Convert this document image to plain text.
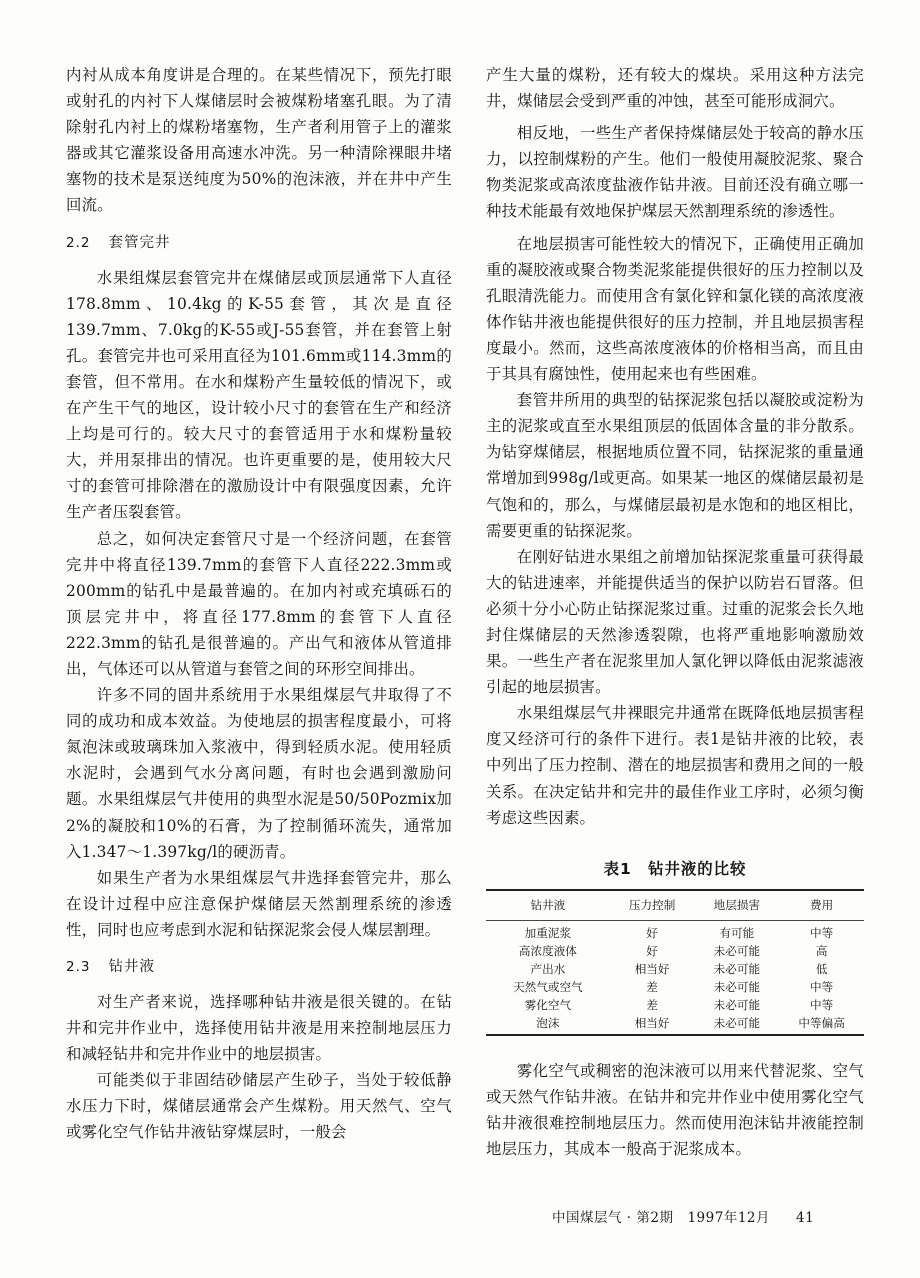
内衬从成本角度讲是合理的。在某些情况下，预先打眼或射孔的内衬下人煤储层时会被煤粉堵塞孔眼。为了清除射孔内衬上的煤粉堵塞物，生产者利用管子上的灌浆器或其它灌浆设备用高速水冲洗。另一种清除裸眼井堵塞物的技术是泵送纯度为50%的泡沫液，并在井中产生回流。

2.2 套管完井

水果组煤层套管完井在煤储层或顶层通常下人直径178.8mm、10.4kg的K-55套管，其次是直径139.7mm、7.0kg的K-55或J-55套管，并在套管上射孔。套管完井也可采用直径为101.6mm或114.3mm的套管，但不常用。在水和煤粉产生量较低的情况下，或在产生干气的地区，设计较小尺寸的套管在生产和经济上均是可行的。较大尺寸的套管适用于水和煤粉量较大，并用泵排出的情况。也许更重要的是，使用较大尺寸的套管可排除潜在的激励设计中有限强度因素，允许生产者压裂套管。

总之，如何决定套管尺寸是一个经济问题，在套管完井中将直径139.7mm的套管下人直径222.3mm或200mm的钻孔中是最普遍的。在加内衬或充填砾石的顶层完井中，将直径177.8mm的套管下人直径222.3mm的钻孔是很普遍的。产出气和液体从管道排出，气体还可以从管道与套管之间的环形空间排出。

许多不同的固井系统用于水果组煤层气井取得了不同的成功和成本效益。为使地层的损害程度最小，可将氮泡沫或玻璃珠加入浆液中，得到轻质水泥。使用轻质水泥时，会遇到气水分离问题，有时也会遇到激励问题。水果组煤层气井使用的典型水泥是50/50Pozmix加2%的凝胶和10%的石膏，为了控制循环流失，通常加入1.347～1.397kg/l的硬沥青。

如果生产者为水果组煤层气井选择套管完井，那么在设计过程中应注意保护煤储层天然割理系统的渗透性，同时也应考虑到水泥和钻探泥浆会侵人煤层割理。

2.3 钻井液

对生产者来说，选择哪种钻井液是很关键的。在钻井和完井作业中，选择使用钻井液是用来控制地层压力和减轻钻井和完井作业中的地层损害。

可能类似于非固结砂储层产生砂子，当处于较低静水压力下时，煤储层通常会产生煤粉。用天然气、空气或雾化空气作钻井液钻穿煤层时，一般会

产生大量的煤粉，还有较大的煤块。采用这种方法完井，煤储层会受到严重的冲蚀，甚至可能形成洞穴。

相反地，一些生产者保持煤储层处于较高的静水压力，以控制煤粉的产生。他们一般使用凝胶泥浆、聚合物类泥浆或高浓度盐液作钻井液。目前还没有确立哪一种技术能最有效地保护煤层天然割理系统的渗透性。

在地层损害可能性较大的情况下，正确使用正确加重的凝胶液或聚合物类泥浆能提供很好的压力控制以及孔眼清洗能力。而使用含有氯化锌和氯化镁的高浓度液体作钻井液也能提供很好的压力控制，并且地层损害程度最小。然而，这些高浓度液体的价格相当高，而且由于其具有腐蚀性，使用起来也有些困难。

套管井所用的典型的钻探泥浆包括以凝胶或淀粉为主的泥浆或直至水果组顶层的低固体含量的非分散系。为钻穿煤储层，根据地质位置不同，钻探泥浆的重量通常增加到998g/l或更高。如果某一地区的煤储层最初是气饱和的，那么，与煤储层最初是水饱和的地区相比，需要更重的钻探泥浆。

在刚好钻进水果组之前增加钻探泥浆重量可获得最大的钻进速率，并能提供适当的保护以防岩石冒落。但必须十分小心防止钻探泥浆过重。过重的泥浆会长久地封住煤储层的天然渗透裂隙，也将严重地影响激励效果。一些生产者在泥浆里加人氯化钾以降低由泥浆滤液引起的地层损害。

水果组煤层气井裸眼完井通常在既降低地层损害程度又经济可行的条件下进行。表1是钻井液的比较，表中列出了压力控制、潜在的地层损害和费用之间的一般关系。在决定钻井和完井的最佳作业工序时，必须匀衡考虑这些因素。

表1　钻井液的比较
钻井液	压力控制	地层损害	费用
加重泥浆	好	有可能	中等
高浓度液体	好	未必可能	高
产出水	相当好	未必可能	低
天然气或空气	差	未必可能	中等
雾化空气	差	未必可能	中等
泡沫	相当好	未必可能	中等偏高

雾化空气或稠密的泡沫液可以用来代替泥浆、空气或天然气作钻井液。在钻井和完井作业中使用雾化空气钻井液很难控制地层压力。然而使用泡沫钻井液能控制地层压力，其成本一般高于泥浆成本。

中国煤层气 · 第2期　1997年12月 41
